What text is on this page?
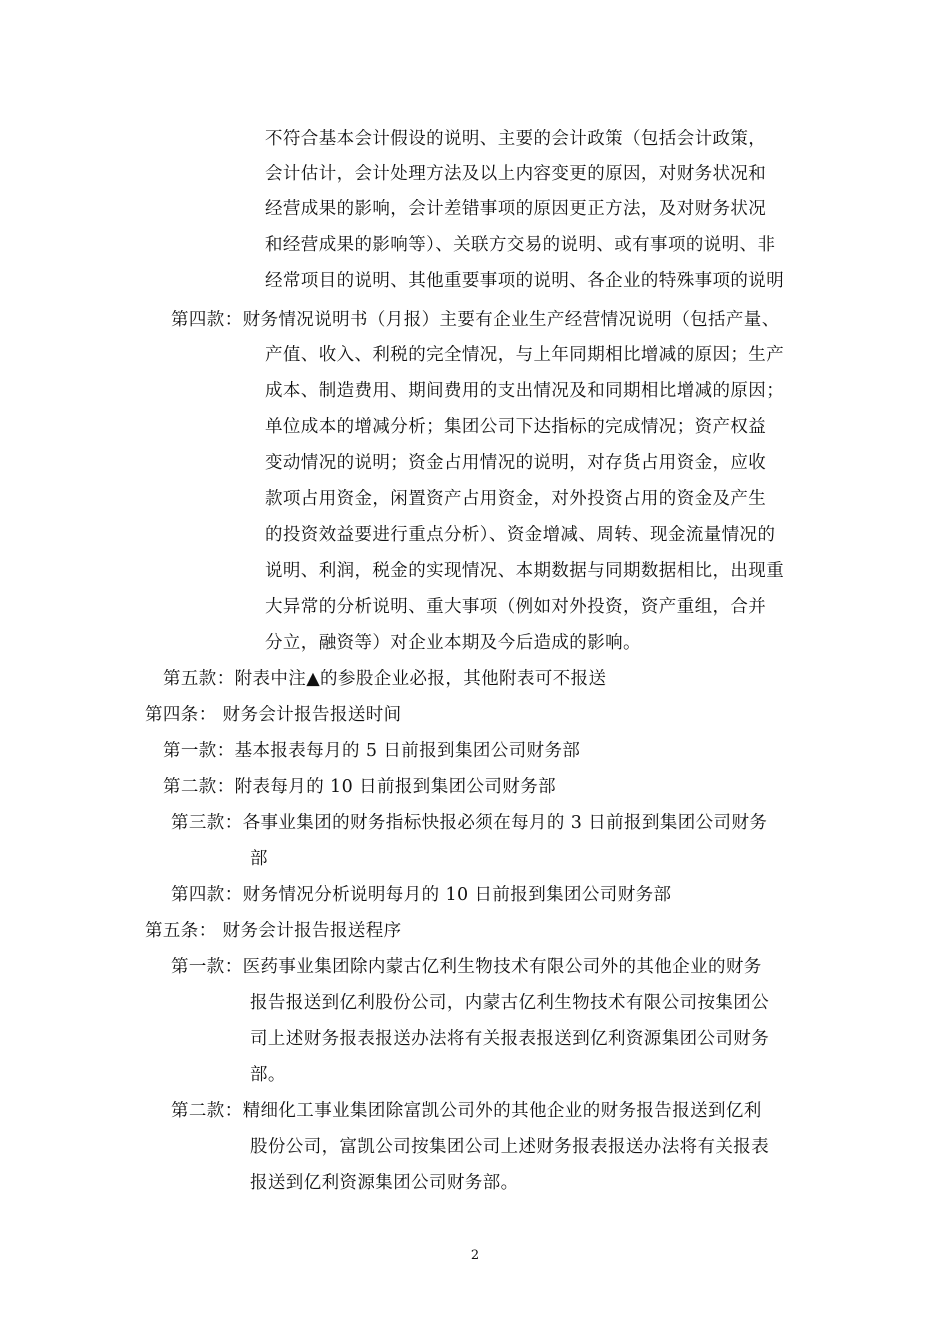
不符合基本会计假设的说明、主要的会计政策（包括会计政策，
会计估计，会计处理方法及以上内容变更的原因，对财务状况和
经营成果的影响，会计差错事项的原因更正方法，及对财务状况
和经营成果的影响等）、关联方交易的说明、或有事项的说明、非
经常项目的说明、其他重要事项的说明、各企业的特殊事项的说明
第四款：财务情况说明书（月报）主要有企业生产经营情况说明（包括产量、
产值、收入、利税的完全情况，与上年同期相比增减的原因；生产
成本、制造费用、期间费用的支出情况及和同期相比增减的原因；
单位成本的增减分析；集团公司下达指标的完成情况；资产权益
变动情况的说明；资金占用情况的说明，对存货占用资金，应收
款项占用资金，闲置资产占用资金，对外投资占用的资金及产生
的投资效益要进行重点分析）、资金增减、周转、现金流量情况的
说明、利润，税金的实现情况、本期数据与同期数据相比，出现重
大异常的分析说明、重大事项（例如对外投资，资产重组，合并
分立，融资等）对企业本期及今后造成的影响。
第五款：附表中注▲的参股企业必报，其他附表可不报送
第四条： 财务会计报告报送时间
第一款：基本报表每月的 5 日前报到集团公司财务部
第二款：附表每月的 10 日前报到集团公司财务部
第三款：各事业集团的财务指标快报必须在每月的 3 日前报到集团公司财务
部
第四款：财务情况分析说明每月的 10 日前报到集团公司财务部
第五条： 财务会计报告报送程序
第一款：医药事业集团除内蒙古亿利生物技术有限公司外的其他企业的财务
报告报送到亿利股份公司，内蒙古亿利生物技术有限公司按集团公
司上述财务报表报送办法将有关报表报送到亿利资源集团公司财务
部。
第二款：精细化工事业集团除富凯公司外的其他企业的财务报告报送到亿利
股份公司，富凯公司按集团公司上述财务报表报送办法将有关报表
报送到亿利资源集团公司财务部。
2
